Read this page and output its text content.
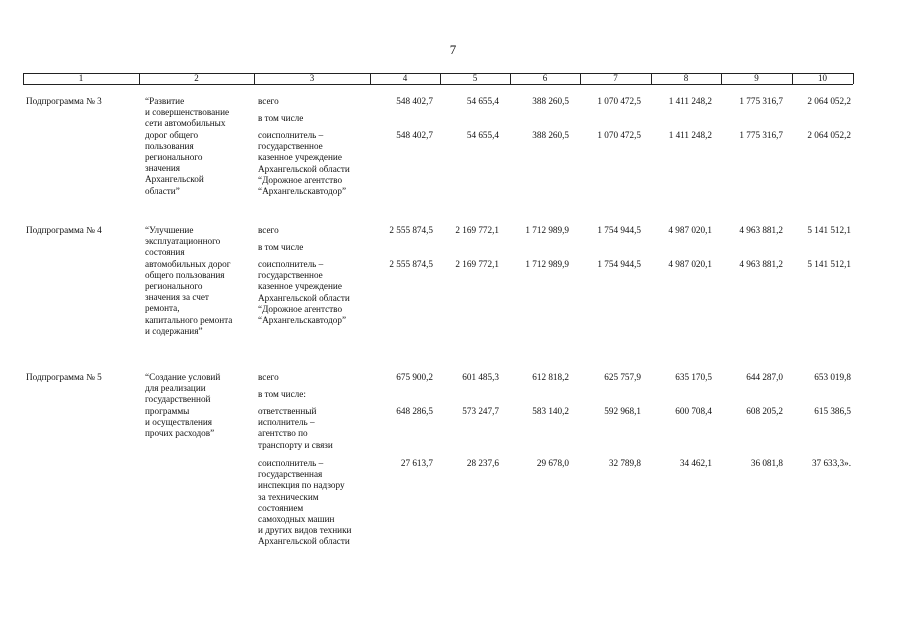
7
1	2	3	4	5	6	7	8	9	10
Подпрограмма № 3	“Развитие
и совершенствование
сети автомобильных
дорог общего
пользования
регионального
значения
Архангельской
области”
всего	548 402,7	54 655,4	388 260,5	1 070 472,5	1 411 248,2	1 775 316,7	2 064 052,2
в том числе
соисполнитель –
государственное
казенное учреждение
Архангельской области
“Дорожное агентство
“Архангельскавтодор”
548 402,7	54 655,4	388 260,5	1 070 472,5	1 411 248,2	1 775 316,7	2 064 052,2
Подпрограмма № 4	“Улучшение
эксплуатационного
состояния
автомобильных дорог
общего пользования
регионального
значения за счет
ремонта,
капитального ремонта
и содержания”
всего	2 555 874,5	2 169 772,1	1 712 989,9	1 754 944,5	4 987 020,1	4 963 881,2	5 141 512,1
в том числе
соисполнитель –
государственное
казенное учреждение
Архангельской области
“Дорожное агентство
“Архангельскавтодор”
2 555 874,5	2 169 772,1	1 712 989,9	1 754 944,5	4 987 020,1	4 963 881,2	5 141 512,1
Подпрограмма № 5	“Создание условий
для реализации
государственной
программы
и осуществления
прочих расходов”
всего	675 900,2	601 485,3	612 818,2	625 757,9	635 170,5	644 287,0	653 019,8
в том числе:
ответственный
исполнитель –
агентство по
транспорту и связи
648 286,5	573 247,7	583 140,2	592 968,1	600 708,4	608 205,2	615 386,5
соисполнитель –
государственная
инспекция по надзору
за техническим
состоянием
самоходных машин
и других видов техники
Архангельской области
27 613,7	28 237,6	29 678,0	32 789,8	34 462,1	36 081,8	37 633,3».
